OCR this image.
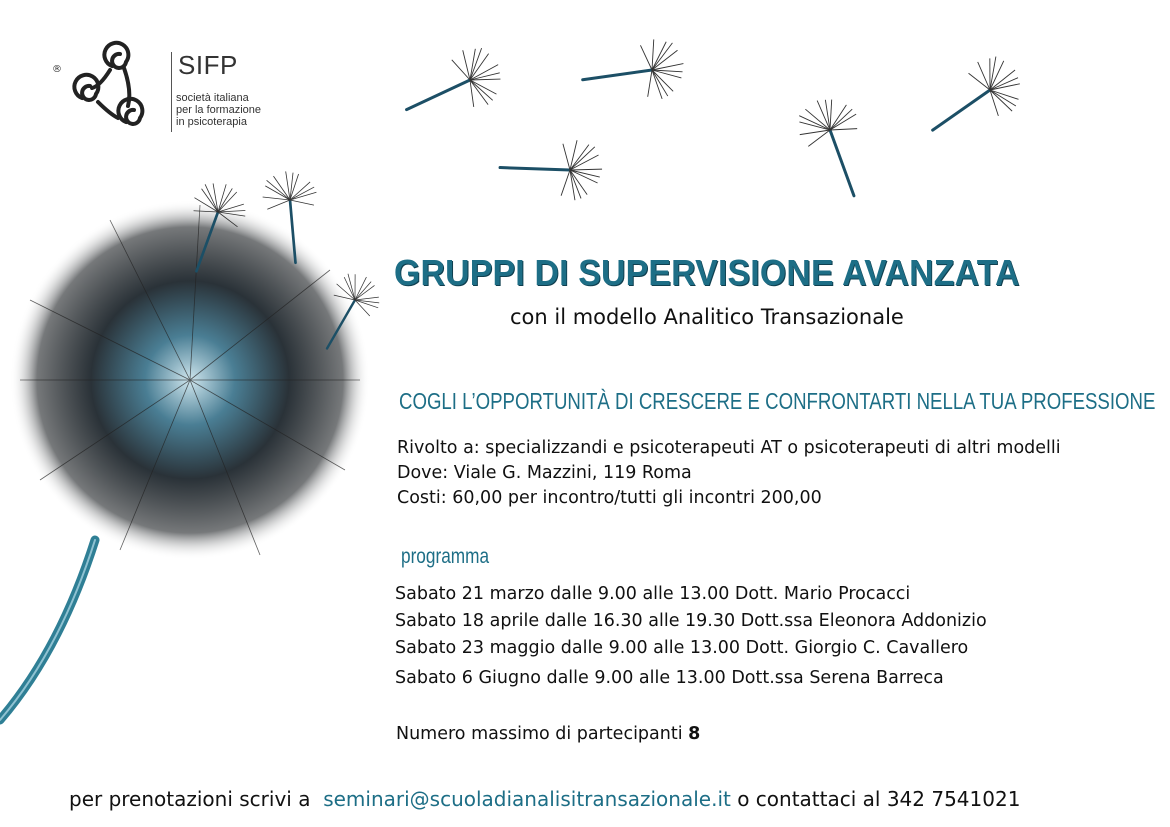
®	SIFP
società italiana
per la formazione
in psicoterapia
GRUPPI DI SUPERVISIONE AVANZATA
con il modello Analitico Transazionale
COGLI L’OPPORTUNITÀ DI CRESCERE E CONFRONTARTI NELLA TUA PROFESSIONE
Rivolto a: specializzandi e psicoterapeuti AT o psicoterapeuti di altri modelli
Dove: Viale G. Mazzini, 119 Roma
Costi: 60,00 per incontro/tutti gli incontri 200,00
programma
Sabato 21 marzo dalle 9.00 alle 13.00 Dott. Mario Procacci
Sabato 18 aprile dalle 16.30 alle 19.30 Dott.ssa Eleonora Addonizio
Sabato 23 maggio dalle 9.00 alle 13.00 Dott. Giorgio C. Cavallero
Sabato 6 Giugno dalle 9.00 alle 13.00 Dott.ssa Serena Barreca
Numero massimo di partecipanti 8
per prenotazioni scrivi a seminari@scuoladianalisitransazionale.it o contattaci al 342 7541021
